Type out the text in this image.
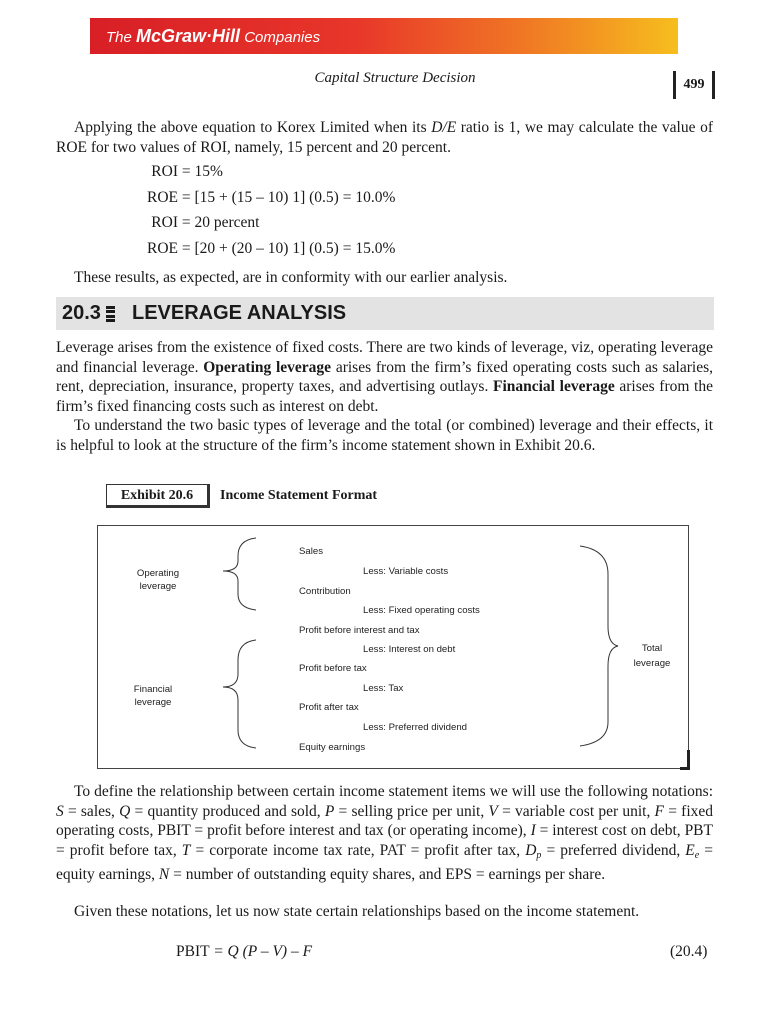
The McGraw·Hill Companies
Capital Structure Decision	499
Applying the above equation to Korex Limited when its D/E ratio is 1, we may calculate the value of ROE for two values of ROI, namely, 15 percent and 20 percent.
ROI = 15%
ROE = [15 + (15 – 10) 1] (0.5) = 10.0%
ROI = 20 percent
ROE = [20 + (20 – 10) 1] (0.5) = 15.0%
These results, as expected, are in conformity with our earlier analysis.
20.3 LEVERAGE ANALYSIS
Leverage arises from the existence of fixed costs. There are two kinds of leverage, viz, operating leverage and financial leverage. Operating leverage arises from the firm’s fixed operating costs such as salaries, rent, depreciation, insurance, property taxes, and advertising outlays. Financial leverage arises from the firm’s fixed financing costs such as interest on debt.
To understand the two basic types of leverage and the total (or combined) leverage and their effects, it is helpful to look at the structure of the firm’s income statement shown in Exhibit 20.6.
Exhibit 20.6	Income Statement Format
Operating
leverage
Financial
leverage
Total
leverage
Sales
Less: Variable costs
Contribution
Less: Fixed operating costs
Profit before interest and tax
Less: Interest on debt
Profit before tax
Less: Tax
Profit after tax
Less: Preferred dividend
Equity earnings
To define the relationship between certain income statement items we will use the following notations: S = sales, Q = quantity produced and sold, P = selling price per unit, V = variable cost per unit, F = fixed operating costs, PBIT = profit before interest and tax (or operating income), I = interest cost on debt, PBT = profit before tax, T = corporate income tax rate, PAT = profit after tax, $D_p$ = preferred dividend, $E_e$ = equity earnings, N = number of outstanding equity shares, and EPS = earnings per share.
Given these notations, let us now state certain relationships based on the income statement.
PBIT = Q (P – V) – F	(20.4)
